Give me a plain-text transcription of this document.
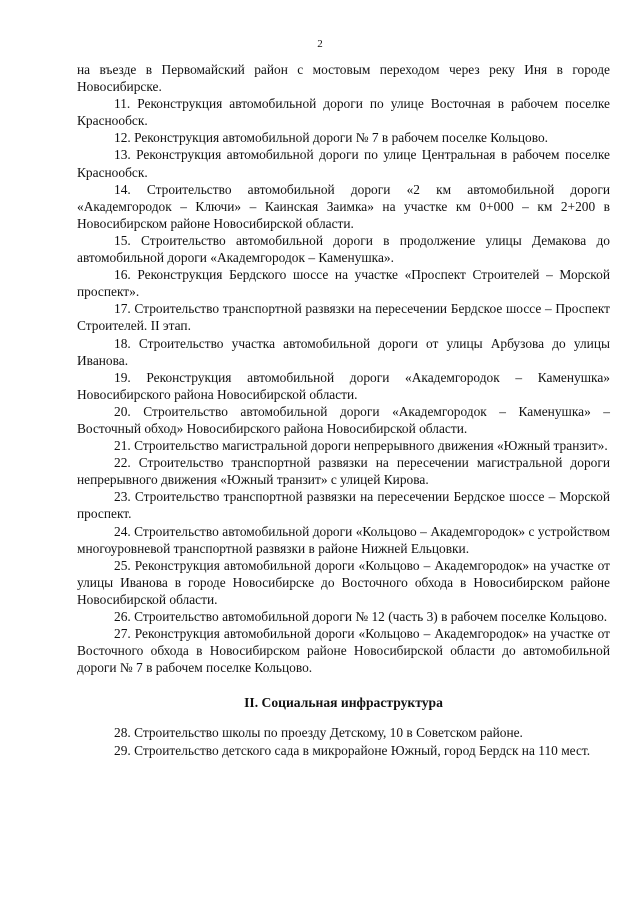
2

на въезде в Первомайский район с мостовым переходом через реку Иня в городе Новосибирске.

11. Реконструкция автомобильной дороги по улице Восточная в рабочем поселке Краснообск.

12. Реконструкция автомобильной дороги № 7 в рабочем поселке Кольцово.

13. Реконструкция автомобильной дороги по улице Центральная в рабочем поселке Краснообск.

14. Строительство автомобильной дороги «2 км автомобильной дороги «Академгородок – Ключи» – Каинская Заимка» на участке км 0+000 – км 2+200 в Новосибирском районе Новосибирской области.

15. Строительство автомобильной дороги в продолжение улицы Демакова до автомобильной дороги «Академгородок – Каменушка».

16. Реконструкция Бердского шоссе на участке «Проспект Строителей – Морской проспект».

17. Строительство транспортной развязки на пересечении Бердское шоссе – Проспект Строителей. II этап.

18. Строительство участка автомобильной дороги от улицы Арбузова до улицы Иванова.

19. Реконструкция автомобильной дороги «Академгородок – Каменушка» Новосибирского района Новосибирской области.

20. Строительство автомобильной дороги «Академгородок – Каменушка» – Восточный обход» Новосибирского района Новосибирской области.

21. Строительство магистральной дороги непрерывного движения «Южный транзит».

22. Строительство транспортной развязки на пересечении магистральной дороги непрерывного движения «Южный транзит» с улицей Кирова.

23. Строительство транспортной развязки на пересечении Бердское шоссе – Морской проспект.

24. Строительство автомобильной дороги «Кольцово – Академгородок» с устройством многоуровневой транспортной развязки в районе Нижней Ельцовки.

25. Реконструкция автомобильной дороги «Кольцово – Академгородок» на участке от улицы Иванова в городе Новосибирске до Восточного обхода в Новосибирском районе Новосибирской области.

26. Строительство автомобильной дороги № 12 (часть 3) в рабочем поселке Кольцово.

27. Реконструкция автомобильной дороги «Кольцово – Академгородок» на участке от Восточного обхода в Новосибирском районе Новосибирской области до автомобильной дороги № 7 в рабочем поселке Кольцово.

II. Социальная инфраструктура

28. Строительство школы по проезду Детскому, 10 в Советском районе.

29. Строительство детского сада в микрорайоне Южный, город Бердск на 110 мест.
